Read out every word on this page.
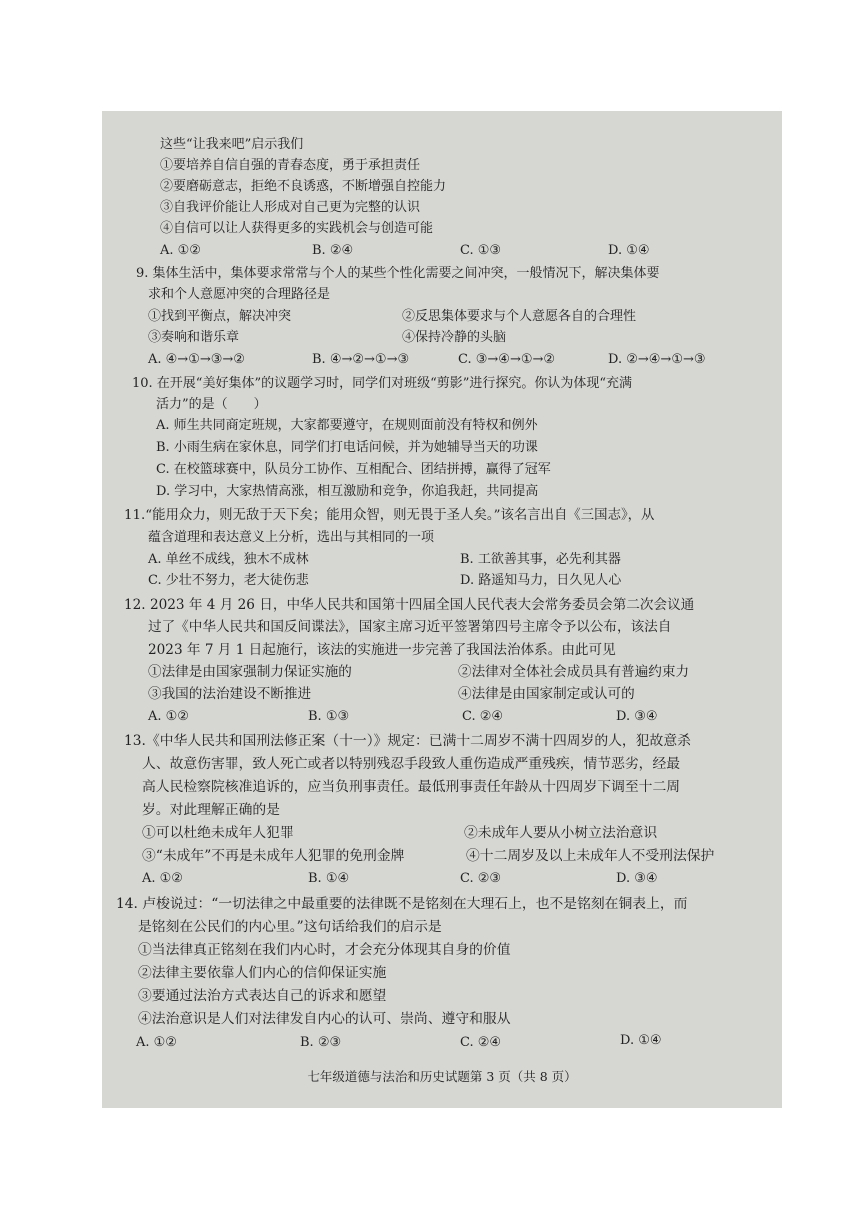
这些“让我来吧”启示我们
①要培养自信自强的青春态度，勇于承担责任
②要磨砺意志，拒绝不良诱惑，不断增强自控能力
③自我评价能让人形成对自己更为完整的认识
④自信可以让人获得更多的实践机会与创造可能
A. ①②	B. ②④	C. ①③	D. ①④
9. 集体生活中，集体要求常常与个人的某些个性化需要之间冲突，一般情况下，解决集体要
求和个人意愿冲突的合理路径是
①找到平衡点，解决冲突	②反思集体要求与个人意愿各自的合理性
③奏响和谐乐章	④保持冷静的头脑
A. ④→①→③→②	B. ④→②→①→③	C. ③→④→①→②	D. ②→④→①→③
10. 在开展“美好集体”的议题学习时，同学们对班级“剪影”进行探究。你认为体现“充满
活力”的是（　　）
A. 师生共同商定班规，大家都要遵守，在规则面前没有特权和例外
B. 小雨生病在家休息，同学们打电话问候，并为她辅导当天的功课
C. 在校篮球赛中，队员分工协作、互相配合、团结拼搏，赢得了冠军
D. 学习中，大家热情高涨，相互激励和竞争，你追我赶，共同提高
11.“能用众力，则无敌于天下矣；能用众智，则无畏于圣人矣。”该名言出自《三国志》，从
蕴含道理和表达意义上分析，选出与其相同的一项
A. 单丝不成线，独木不成林	B. 工欲善其事，必先利其器
C. 少壮不努力，老大徒伤悲	D. 路遥知马力，日久见人心
12. 2023 年 4 月 26 日，中华人民共和国第十四届全国人民代表大会常务委员会第二次会议通
过了《中华人民共和国反间谍法》，国家主席习近平签署第四号主席令予以公布，该法自
2023 年 7 月 1 日起施行，该法的实施进一步完善了我国法治体系。由此可见
①法律是由国家强制力保证实施的	②法律对全体社会成员具有普遍约束力
③我国的法治建设不断推进	④法律是由国家制定或认可的
A. ①②	B. ①③	C. ②④	D. ③④
13.《中华人民共和国刑法修正案（十一）》规定：已满十二周岁不满十四周岁的人，犯故意杀
人、故意伤害罪，致人死亡或者以特别残忍手段致人重伤造成严重残疾，情节恶劣，经最
高人民检察院核准追诉的，应当负刑事责任。最低刑事责任年龄从十四周岁下调至十二周
岁。对此理解正确的是
①可以杜绝未成年人犯罪	②未成年人要从小树立法治意识
③“未成年”不再是未成年人犯罪的免刑金牌	④十二周岁及以上未成年人不受刑法保护
A. ①②	B. ①④	C. ②③	D. ③④
14. 卢梭说过：“一切法律之中最重要的法律既不是铭刻在大理石上，也不是铭刻在铜表上，而
是铭刻在公民们的内心里。”这句话给我们的启示是
①当法律真正铭刻在我们内心时，才会充分体现其自身的价值
②法律主要依靠人们内心的信仰保证实施
③要通过法治方式表达自己的诉求和愿望
④法治意识是人们对法律发自内心的认可、崇尚、遵守和服从
A. ①②	B. ②③	C. ②④	D. ①④
七年级道德与法治和历史试题第 3 页（共 8 页）
